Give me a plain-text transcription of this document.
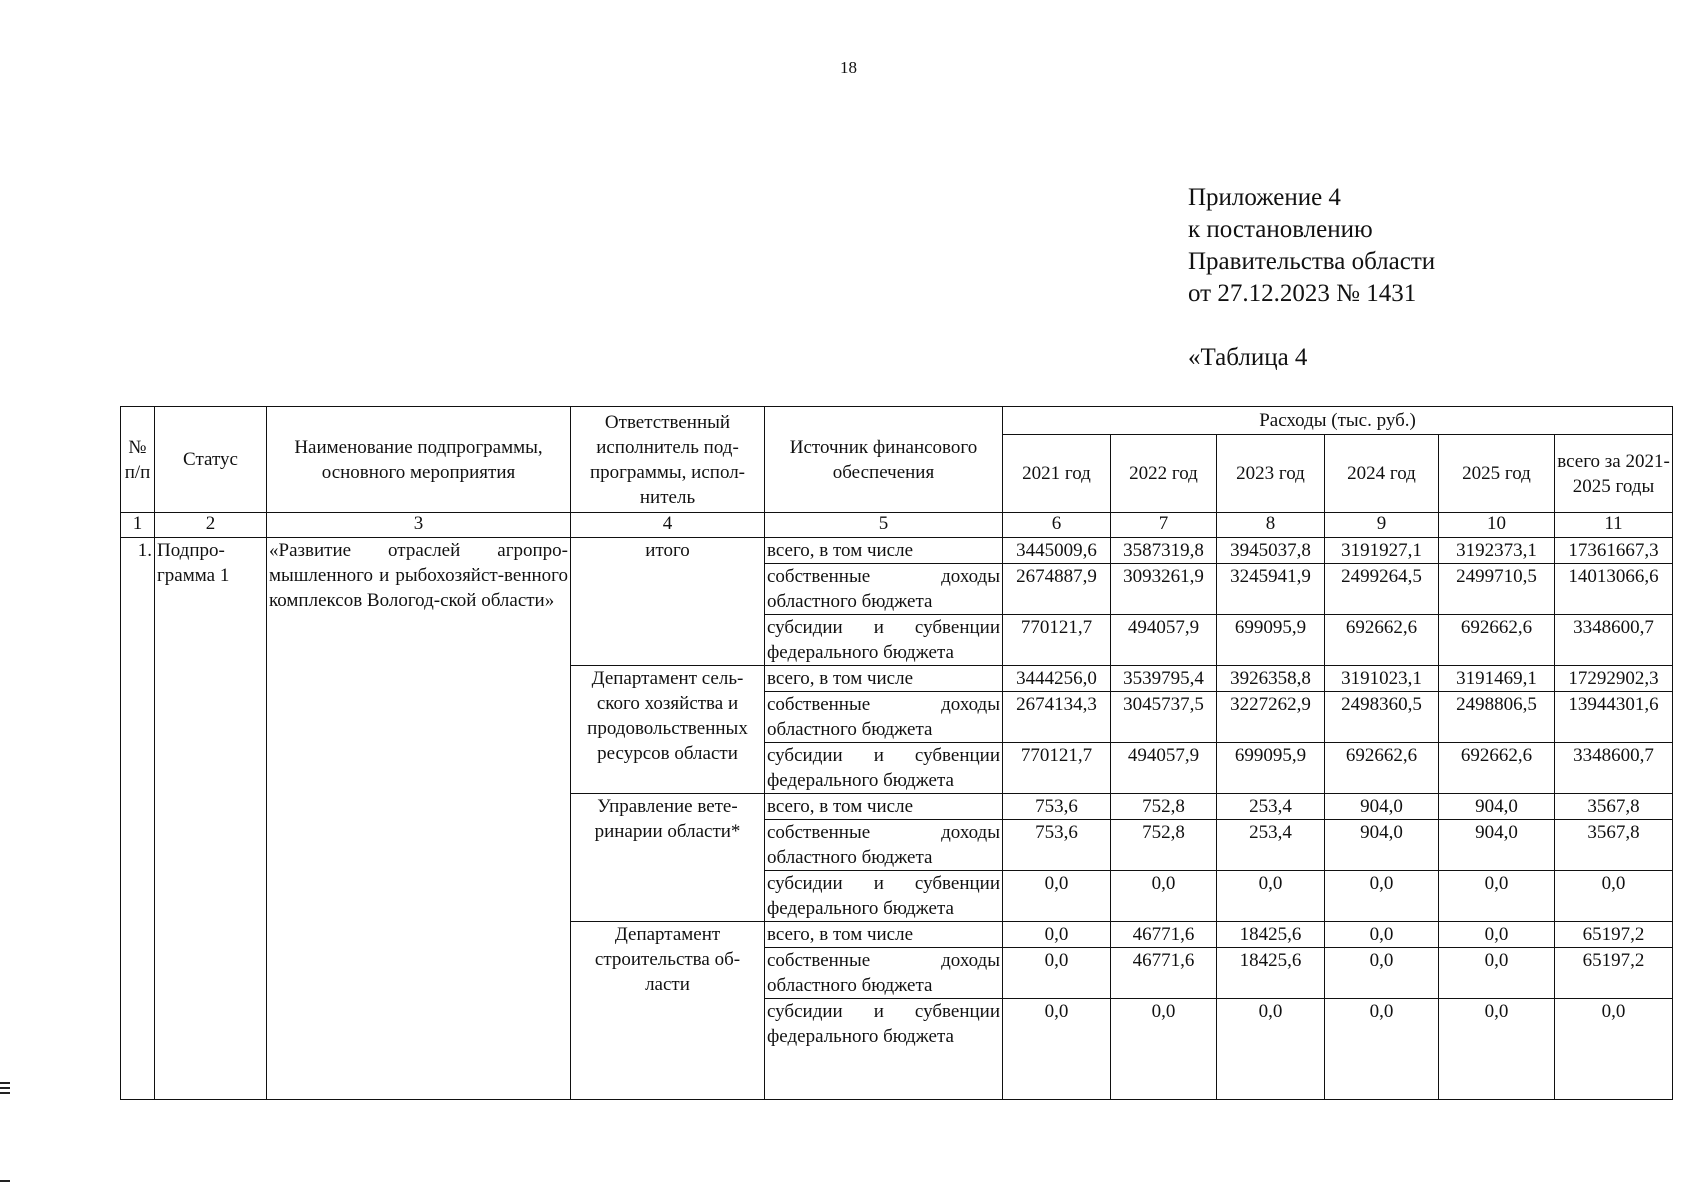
18
Приложение 4
к постановлению
Правительства области
от 27.12.2023 № 1431
«Таблица 4
№ п/п	Статус	Наименование подпрограммы, основного мероприятия	Ответственный исполнитель под-программы, испол-нитель	Источник финансового обеспечения	Расходы (тыс. руб.)					
					2021 год	2022 год	2023 год	2024 год	2025 год	всего за 2021-2025 годы
1	2	3	4	5	6	7	8	9	10	11
1.	Подпро-грамма 1	«Развитие отраслей агропро-мышленного и рыбохозяйст-венного комплексов Вологод-ской области»	итого	всего, в том числе	3445009,6	3587319,8	3945037,8	3191927,1	3192373,1	17361667,3
				собственные доходы областного бюджета	2674887,9	3093261,9	3245941,9	2499264,5	2499710,5	14013066,6
				субсидии и субвенции федерального бюджета	770121,7	494057,9	699095,9	692662,6	692662,6	3348600,7
			Департамент сель-ского хозяйства и продовольственных ресурсов области	всего, в том числе	3444256,0	3539795,4	3926358,8	3191023,1	3191469,1	17292902,3
				собственные доходы областного бюджета	2674134,3	3045737,5	3227262,9	2498360,5	2498806,5	13944301,6
				субсидии и субвенции федерального бюджета	770121,7	494057,9	699095,9	692662,6	692662,6	3348600,7
			Управление вете-ринарии области*	всего, в том числе	753,6	752,8	253,4	904,0	904,0	3567,8
				собственные доходы областного бюджета	753,6	752,8	253,4	904,0	904,0	3567,8
				субсидии и субвенции федерального бюджета	0,0	0,0	0,0	0,0	0,0	0,0
			Департамент строительства об-ласти	всего, в том числе	0,0	46771,6	18425,6	0,0	0,0	65197,2
				собственные доходы областного бюджета	0,0	46771,6	18425,6	0,0	0,0	65197,2
				субсидии и субвенции федерального бюджета	0,0	0,0	0,0	0,0	0,0	0,0
